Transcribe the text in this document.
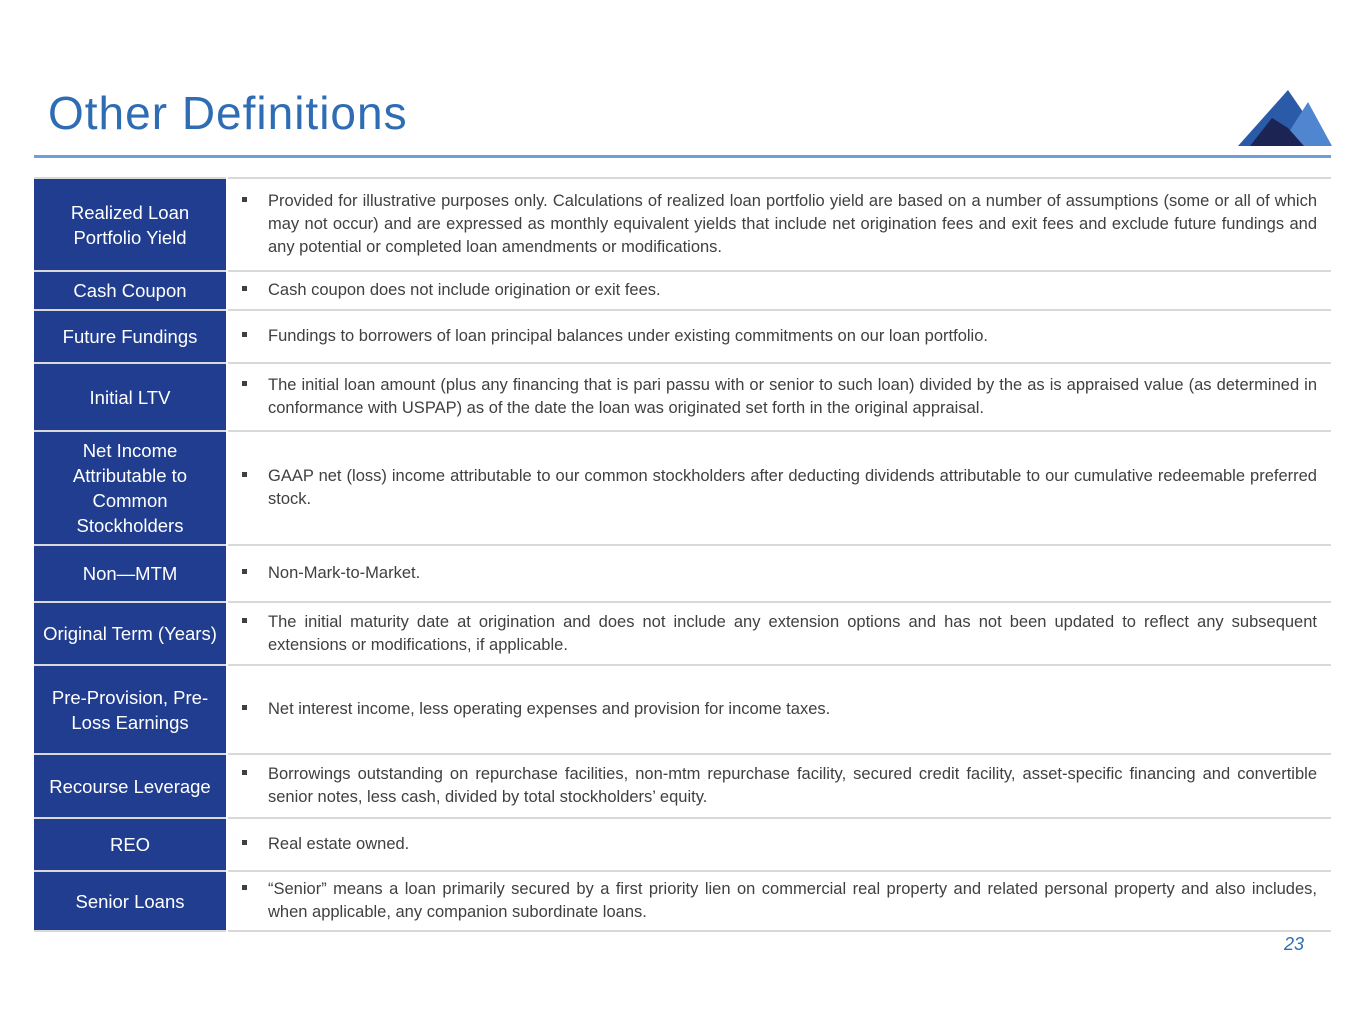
Other Definitions
Realized Loan Portfolio Yield	Provided for illustrative purposes only. Calculations of realized loan portfolio yield are based on a number of assumptions (some or all of which may not occur) and are expressed as monthly equivalent yields that include net origination fees and exit fees and exclude future fundings and any potential or completed loan amendments or modifications.

Cash Coupon	Cash coupon does not include origination or exit fees.

Future Fundings	Fundings to borrowers of loan principal balances under existing commitments on our loan portfolio.

Initial LTV	The initial loan amount (plus any financing that is pari passu with or senior to such loan) divided by the as is appraised value (as determined in conformance with USPAP) as of the date the loan was originated set forth in the original appraisal.

Net Income Attributable to Common Stockholders	GAAP net (loss) income attributable to our common stockholders after deducting dividends attributable to our cumulative redeemable preferred stock.

Non—MTM	Non-Mark-to-Market.

Original Term (Years)	The initial maturity date at origination and does not include any extension options and has not been updated to reflect any subsequent extensions or modifications, if applicable.

Pre-Provision, Pre-Loss Earnings	Net interest income, less operating expenses and provision for income taxes.

Recourse Leverage	Borrowings outstanding on repurchase facilities, non-mtm repurchase facility, secured credit facility, asset-specific financing and convertible senior notes, less cash, divided by total stockholders’ equity.

REO	Real estate owned.

Senior Loans	“Senior” means a loan primarily secured by a first priority lien on commercial real property and related personal property and also includes, when applicable, any companion subordinate loans.
23
